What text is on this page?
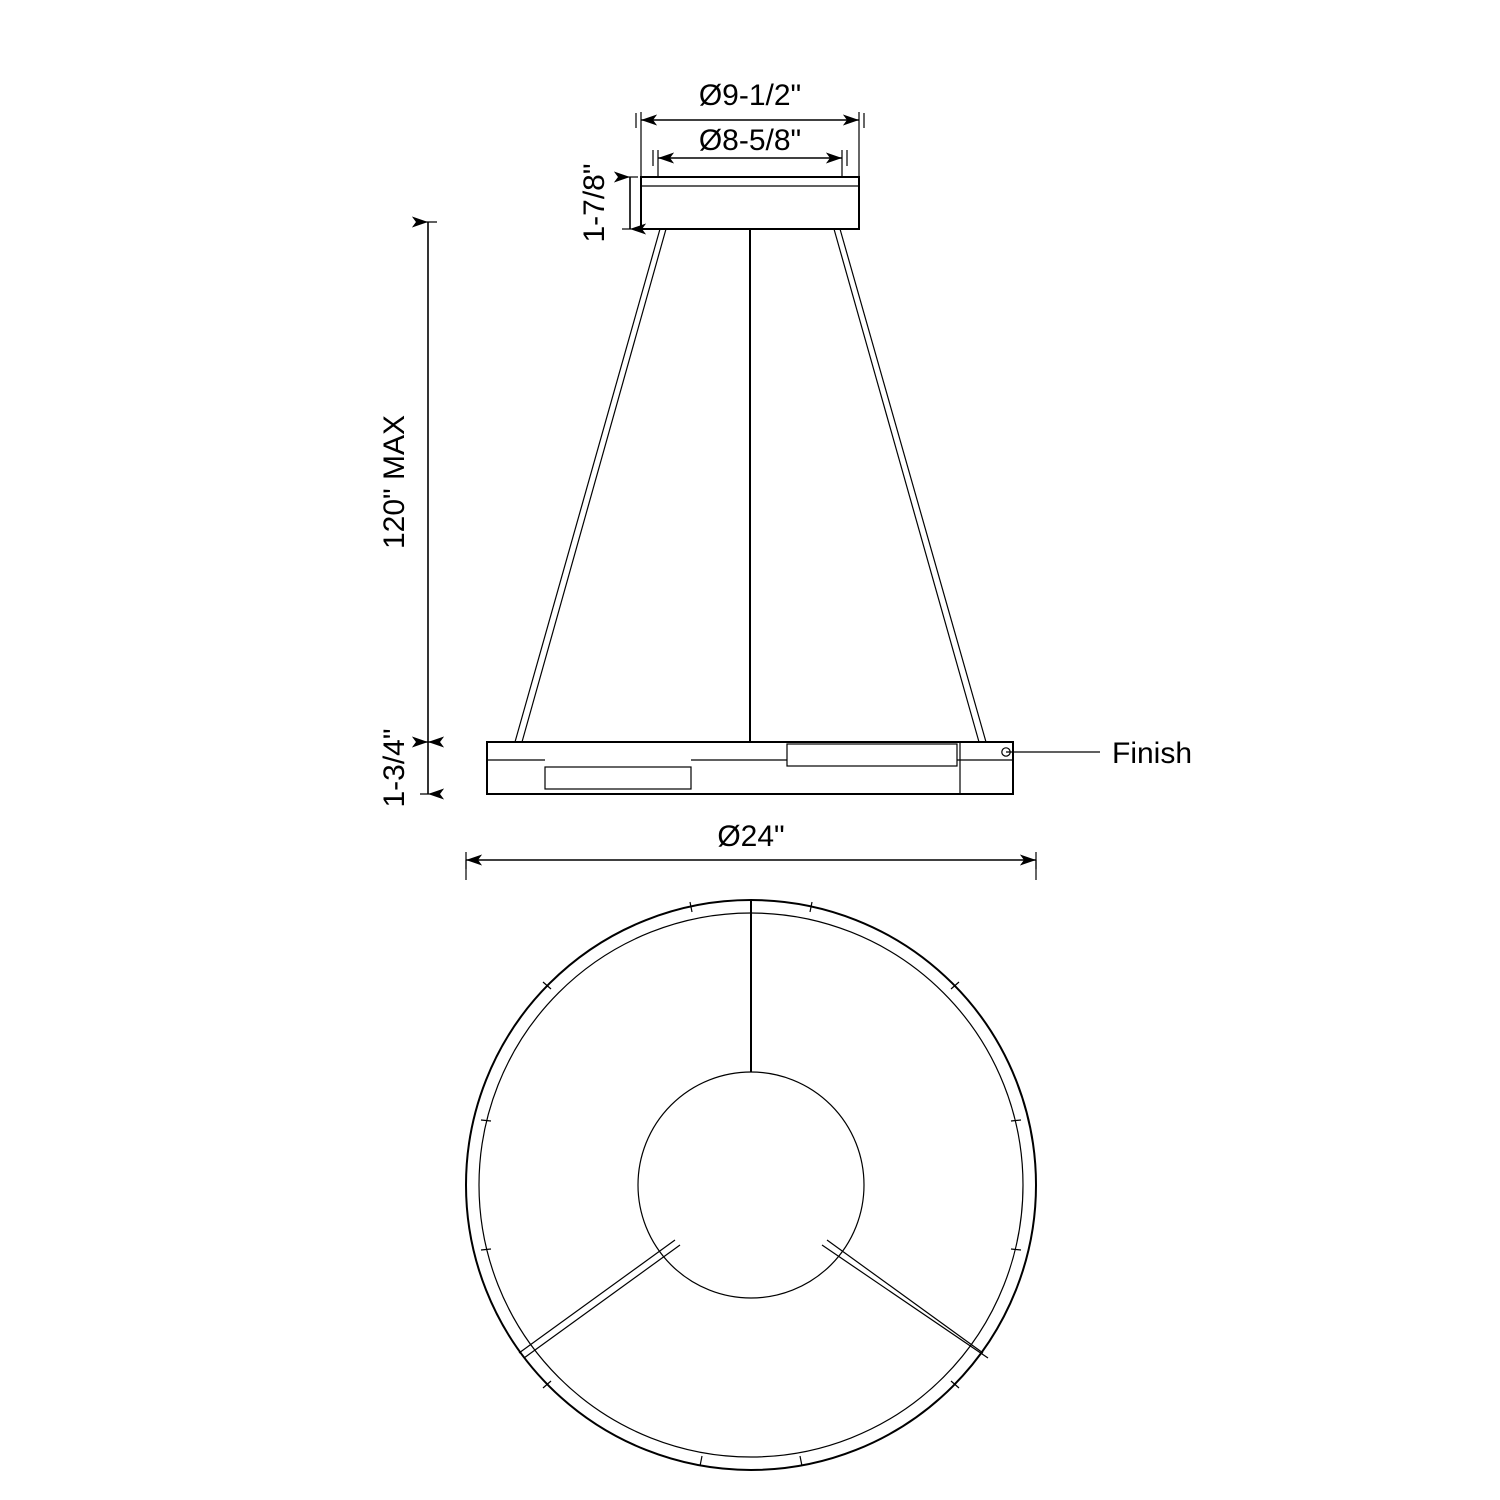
Ø9-1/2"
Ø8-5/8"
1-7/8"
120" MAX
1-3/4"	Finish
Ø24"
